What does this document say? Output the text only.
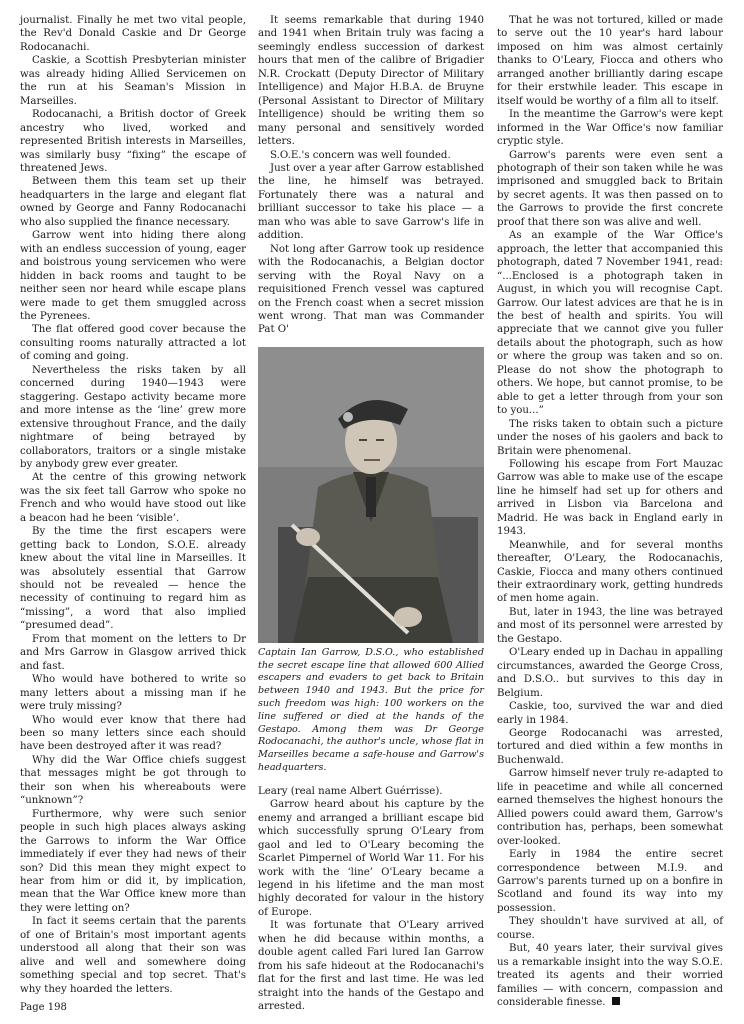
journalist. Finally he met two vital people, the Rev'd Donald Caskie and Dr George Rodocanachi.

Caskie, a Scottish Presbyterian minister was already hiding Allied Servicemen on the run at his Seaman's Mission in Marseilles.

Rodocanachi, a British doctor of Greek ancestry who lived, worked and represented British interests in Marseilles, was similarly busy “fixing” the escape of threatened Jews.

Between them this team set up their headquarters in the large and elegant flat owned by George and Fanny Rodocanachi who also supplied the finance necessary.

Garrow went into hiding there along with an endless succession of young, eager and boistrous young servicemen who were hidden in back rooms and taught to be neither seen nor heard while escape plans were made to get them smuggled across the Pyrenees.

The flat offered good cover because the consulting rooms naturally attracted a lot of coming and going.

Nevertheless the risks taken by all concerned during 1940—1943 were staggering. Gestapo activity became more and more intense as the ‘line’ grew more extensive throughout France, and the daily nightmare of being betrayed by collaborators, traitors or a single mistake by anybody grew ever greater.

At the centre of this growing network was the six feet tall Garrow who spoke no French and who would have stood out like a beacon had he been ‘visible’.

By the time the first escapers were getting back to London, S.O.E. already knew about the vital line in Marseilles. It was absolutely essential that Garrow should not be revealed — hence the necessity of continuing to regard him as “missing”, a word that also implied “presumed dead”.

From that moment on the letters to Dr and Mrs Garrow in Glasgow arrived thick and fast.

Who would have bothered to write so many letters about a missing man if he were truly missing?

Who would ever know that there had been so many letters since each should have been destroyed after it was read?

Why did the War Office chiefs suggest that messages might be got through to their son when his whereabouts were “unknown”?

Furthermore, why were such senior people in such high places always asking the Garrows to inform the War Office immediately if ever they had news of their son? Did this mean they might expect to hear from him or did it, by implication, mean that the War Office knew more than they were letting on?

In fact it seems certain that the parents of one of Britain's most important agents understood all along that their son was alive and well and somewhere doing something special and top secret. That's why they hoarded the letters.

It seems remarkable that during 1940 and 1941 when Britain truly was facing a seemingly endless succession of darkest hours that men of the calibre of Brigadier N.R. Crockatt (Deputy Director of Military Intelligence) and Major H.B.A. de Bruyne (Personal Assistant to Director of Military Intelligence) should be writing them so many personal and sensitively worded letters.

S.O.E.'s concern was well founded.

Just over a year after Garrow established the line, he himself was betrayed. Fortunately there was a natural and brilliant successor to take his place — a man who was able to save Garrow's life in addition.

Not long after Garrow took up residence with the Rodocanachis, a Belgian doctor serving with the Royal Navy on a requisitioned French vessel was captured on the French coast when a secret mission went wrong. That man was Commander Pat O'

Captain Ian Garrow, D.S.O., who established the secret escape line that allowed 600 Allied escapers and evaders to get back to Britain between 1940 and 1943. But the price for such freedom was high: 100 workers on the line suffered or died at the hands of the Gestapo. Among them was Dr George Rodocanachi, the author's uncle, whose flat in Marseilles became a safe-house and Garrow's headquarters.

Leary (real name Albert Guérrisse).

Garrow heard about his capture by the enemy and arranged a brilliant escape bid which successfully sprung O'Leary from gaol and led to O'Leary becoming the Scarlet Pimpernel of World War 11. For his work with the ‘line’ O'Leary became a legend in his lifetime and the man most highly decorated for valour in the history of Europe.

It was fortunate that O'Leary arrived when he did because within months, a double agent called Fari lured Ian Garrow from his safe hideout at the Rodocanachi's flat for the first and last time. He was led straight into the hands of the Gestapo and arrested.

That he was not tortured, killed or made to serve out the 10 year's hard labour imposed on him was almost certainly thanks to O'Leary, Fiocca and others who arranged another brilliantly daring escape for their erstwhile leader. This escape in itself would be worthy of a film all to itself.

In the meantime the Garrow's were kept informed in the War Office's now familiar cryptic style.

Garrow's parents were even sent a photograph of their son taken while he was imprisoned and smuggled back to Britain by secret agents. It was then passed on to the Garrows to provide the first concrete proof that there son was alive and well.

As an example of the War Office's approach, the letter that accompanied this photograph, dated 7 November 1941, read: “...Enclosed is a photograph taken in August, in which you will recognise Capt. Garrow. Our latest advices are that he is in the best of health and spirits. You will appreciate that we cannot give you fuller details about the photograph, such as how or where the group was taken and so on. Please do not show the photograph to others. We hope, but cannot promise, to be able to get a letter through from your son to you...”

The risks taken to obtain such a picture under the noses of his gaolers and back to Britain were phenomenal.

Following his escape from Fort Mauzac Garrow was able to make use of the escape line he himself had set up for others and arrived in Lisbon via Barcelona and Madrid. He was back in England early in 1943.

Meanwhile, and for several months thereafter, O'Leary, the Rodocanachis, Caskie, Fiocca and many others continued their extraordinary work, getting hundreds of men home again.

But, later in 1943, the line was betrayed and most of its personnel were arrested by the Gestapo.

O'Leary ended up in Dachau in appalling circumstances, awarded the George Cross, and D.S.O.. but survives to this day in Belgium.

Caskie, too, survived the war and died early in 1984.

George Rodocanachi was arrested, tortured and died within a few months in Buchenwald.

Garrow himself never truly re-adapted to life in peacetime and while all concerned earned themselves the highest honours the Allied powers could award them, Garrow's contribution has, perhaps, been somewhat over-looked.

Early in 1984 the entire secret correspondence between M.I.9. and Garrow's parents turned up on a bonfire in Scotland and found its way into my possession.

They shouldn't have survived at all, of course.

But, 40 years later, their survival gives us a remarkable insight into the way S.O.E. treated its agents and their worried families — with concern, compassion and considerable finesse.

Page 198
